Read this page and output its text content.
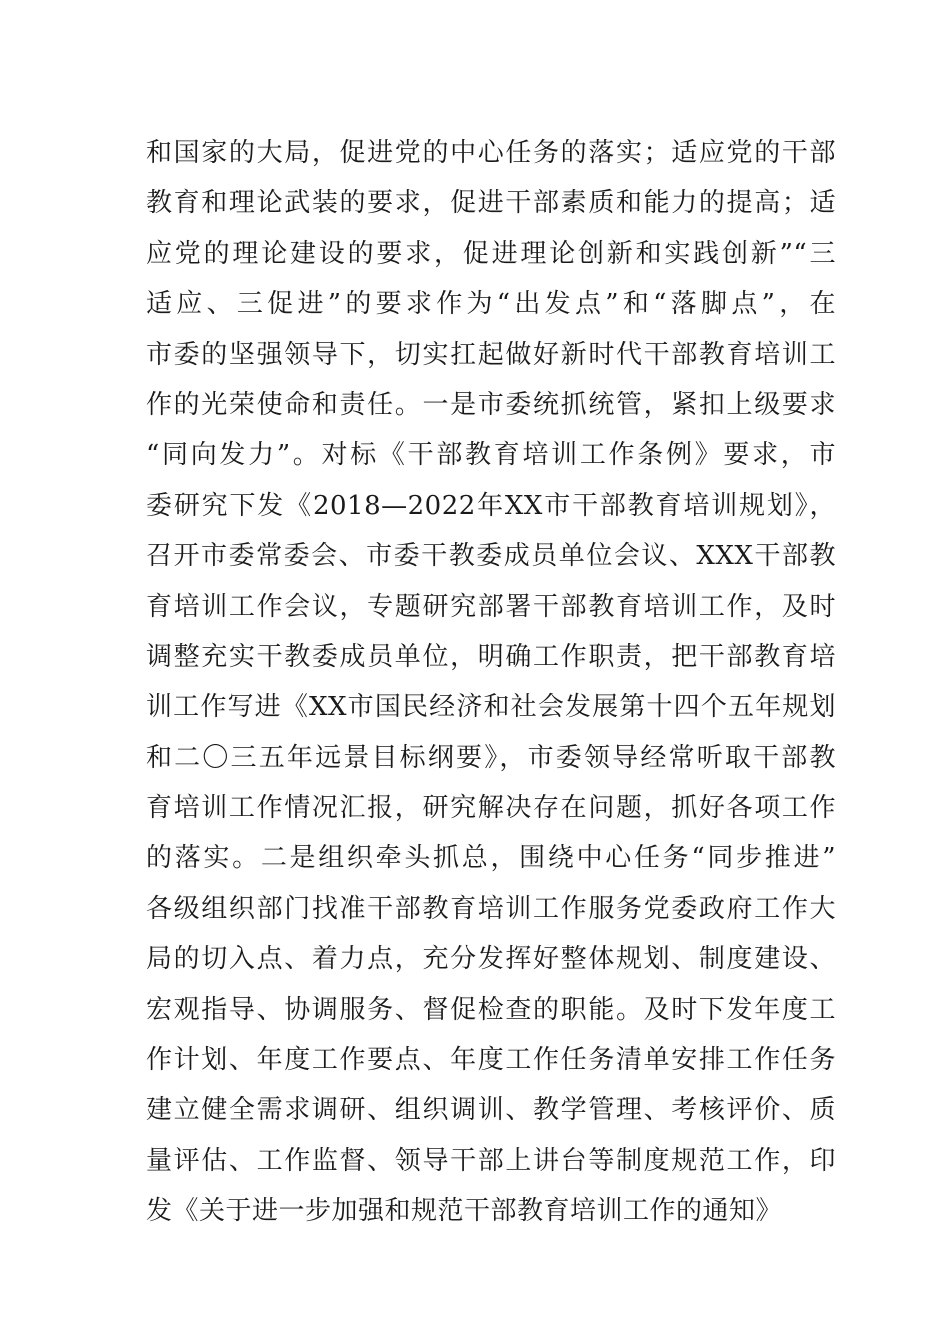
和国家的大局，促进党的中心任务的落实；适应党的干部
教育和理论武装的要求，促进干部素质和能力的提高；适
应党的理论建设的要求，促进理论创新和实践创新”“三
适应、三促进”的要求作为“出发点”和“落脚点”，在
市委的坚强领导下，切实扛起做好新时代干部教育培训工
作的光荣使命和责任。一是市委统抓统管，紧扣上级要求
“同向发力”。对标《干部教育培训工作条例》要求，市
委研究下发《2018—2022年XX市干部教育培训规划》，
召开市委常委会、市委干教委成员单位会议、XXX干部教
育培训工作会议，专题研究部署干部教育培训工作，及时
调整充实干教委成员单位，明确工作职责，把干部教育培
训工作写进《XX市国民经济和社会发展第十四个五年规划
和二〇三五年远景目标纲要》，市委领导经常听取干部教
育培训工作情况汇报，研究解决存在问题，抓好各项工作
的落实。二是组织牵头抓总，围绕中心任务“同步推进”
各级组织部门找准干部教育培训工作服务党委政府工作大
局的切入点、着力点，充分发挥好整体规划、制度建设、
宏观指导、协调服务、督促检查的职能。及时下发年度工
作计划、年度工作要点、年度工作任务清单安排工作任务
建立健全需求调研、组织调训、教学管理、考核评价、质
量评估、工作监督、领导干部上讲台等制度规范工作，印
发《关于进一步加强和规范干部教育培训工作的通知》
